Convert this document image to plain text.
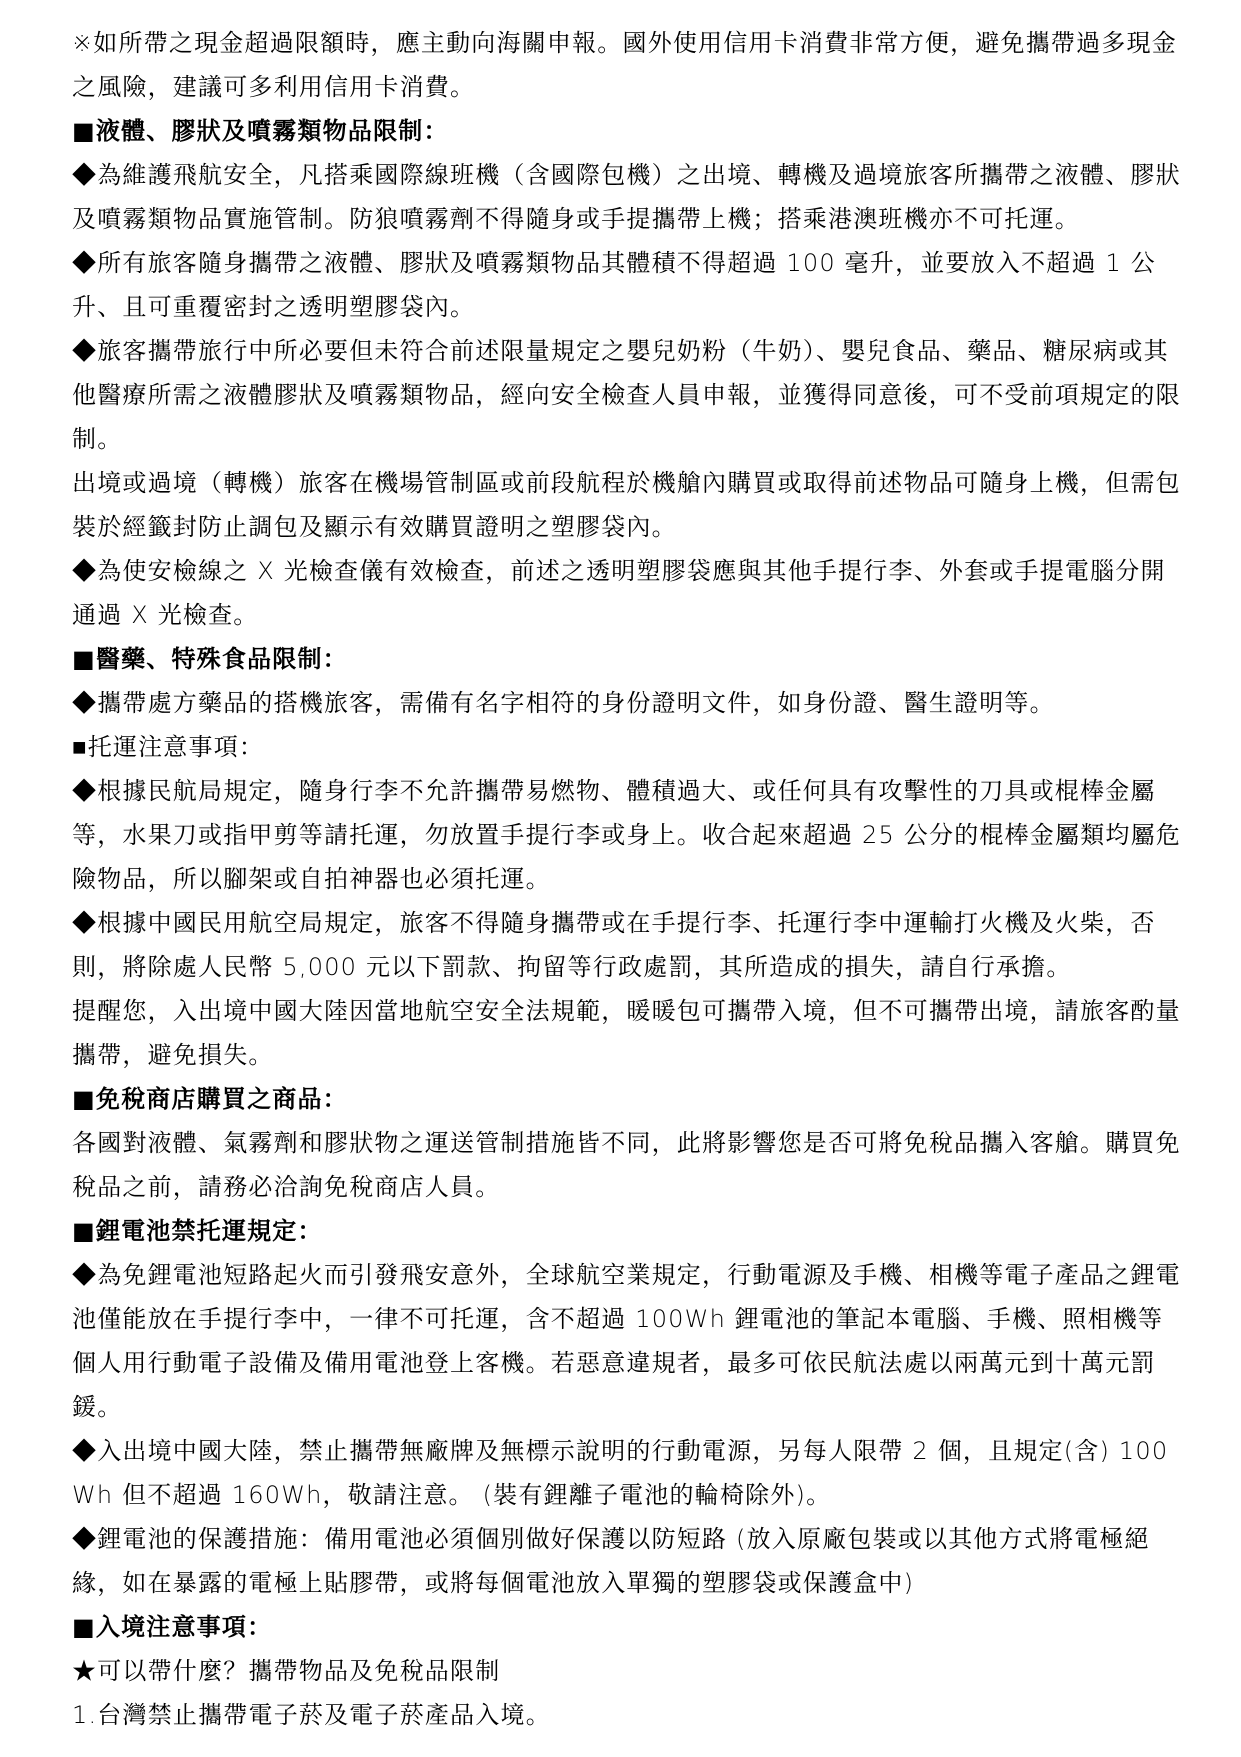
※如所帶之現金超過限額時，應主動向海關申報。國外使用信用卡消費非常方便，避免攜帶過多現金之風險，建議可多利用信用卡消費。

■液體、膠狀及噴霧類物品限制：

◆為維護飛航安全，凡搭乘國際線班機（含國際包機）之出境、轉機及過境旅客所攜帶之液體、膠狀及噴霧類物品實施管制。防狼噴霧劑不得隨身或手提攜帶上機；搭乘港澳班機亦不可托運。

◆所有旅客隨身攜帶之液體、膠狀及噴霧類物品其體積不得超過 100 毫升，並要放入不超過 1 公升、且可重覆密封之透明塑膠袋內。

◆旅客攜帶旅行中所必要但未符合前述限量規定之嬰兒奶粉（牛奶）、嬰兒食品、藥品、糖尿病或其他醫療所需之液體膠狀及噴霧類物品，經向安全檢查人員申報，並獲得同意後，可不受前項規定的限制。

出境或過境（轉機）旅客在機場管制區或前段航程於機艙內購買或取得前述物品可隨身上機，但需包裝於經籤封防止調包及顯示有效購買證明之塑膠袋內。

◆為使安檢線之 X 光檢查儀有效檢查，前述之透明塑膠袋應與其他手提行李、外套或手提電腦分開通過 X 光檢查。

■醫藥、特殊食品限制：

◆攜帶處方藥品的搭機旅客，需備有名字相符的身份證明文件，如身份證、醫生證明等。

■托運注意事項：

◆根據民航局規定，隨身行李不允許攜帶易燃物、體積過大、或任何具有攻擊性的刀具或棍棒金屬等，水果刀或指甲剪等請托運，勿放置手提行李或身上。收合起來超過 25 公分的棍棒金屬類均屬危險物品，所以腳架或自拍神器也必須托運。

◆根據中國民用航空局規定，旅客不得隨身攜帶或在手提行李、托運行李中運輸打火機及火柴，否則，將除處人民幣 5,000 元以下罰款、拘留等行政處罰，其所造成的損失，請自行承擔。

提醒您，入出境中國大陸因當地航空安全法規範，暖暖包可攜帶入境，但不可攜帶出境，請旅客酌量攜帶，避免損失。

■免稅商店購買之商品：

各國對液體、氣霧劑和膠狀物之運送管制措施皆不同，此將影響您是否可將免稅品攜入客艙。購買免稅品之前，請務必洽詢免稅商店人員。

■鋰電池禁托運規定：

◆為免鋰電池短路起火而引發飛安意外，全球航空業規定，行動電源及手機、相機等電子產品之鋰電池僅能放在手提行李中，一律不可托運，含不超過 100Wh 鋰電池的筆記本電腦、手機、照相機等個人用行動電子設備及備用電池登上客機。若惡意違規者，最多可依民航法處以兩萬元到十萬元罰鍰。

◆入出境中國大陸，禁止攜帶無廠牌及無標示說明的行動電源，另每人限帶 2 個，且規定(含) 100Wh 但不超過 160Wh，敬請注意。 (裝有鋰離子電池的輪椅除外)。

◆鋰電池的保護措施：備用電池必須個別做好保護以防短路 (放入原廠包裝或以其他方式將電極絕緣，如在暴露的電極上貼膠帶，或將每個電池放入單獨的塑膠袋或保護盒中)

■入境注意事項：

★可以帶什麼？攜帶物品及免稅品限制

1.台灣禁止攜帶電子菸及電子菸產品入境。
